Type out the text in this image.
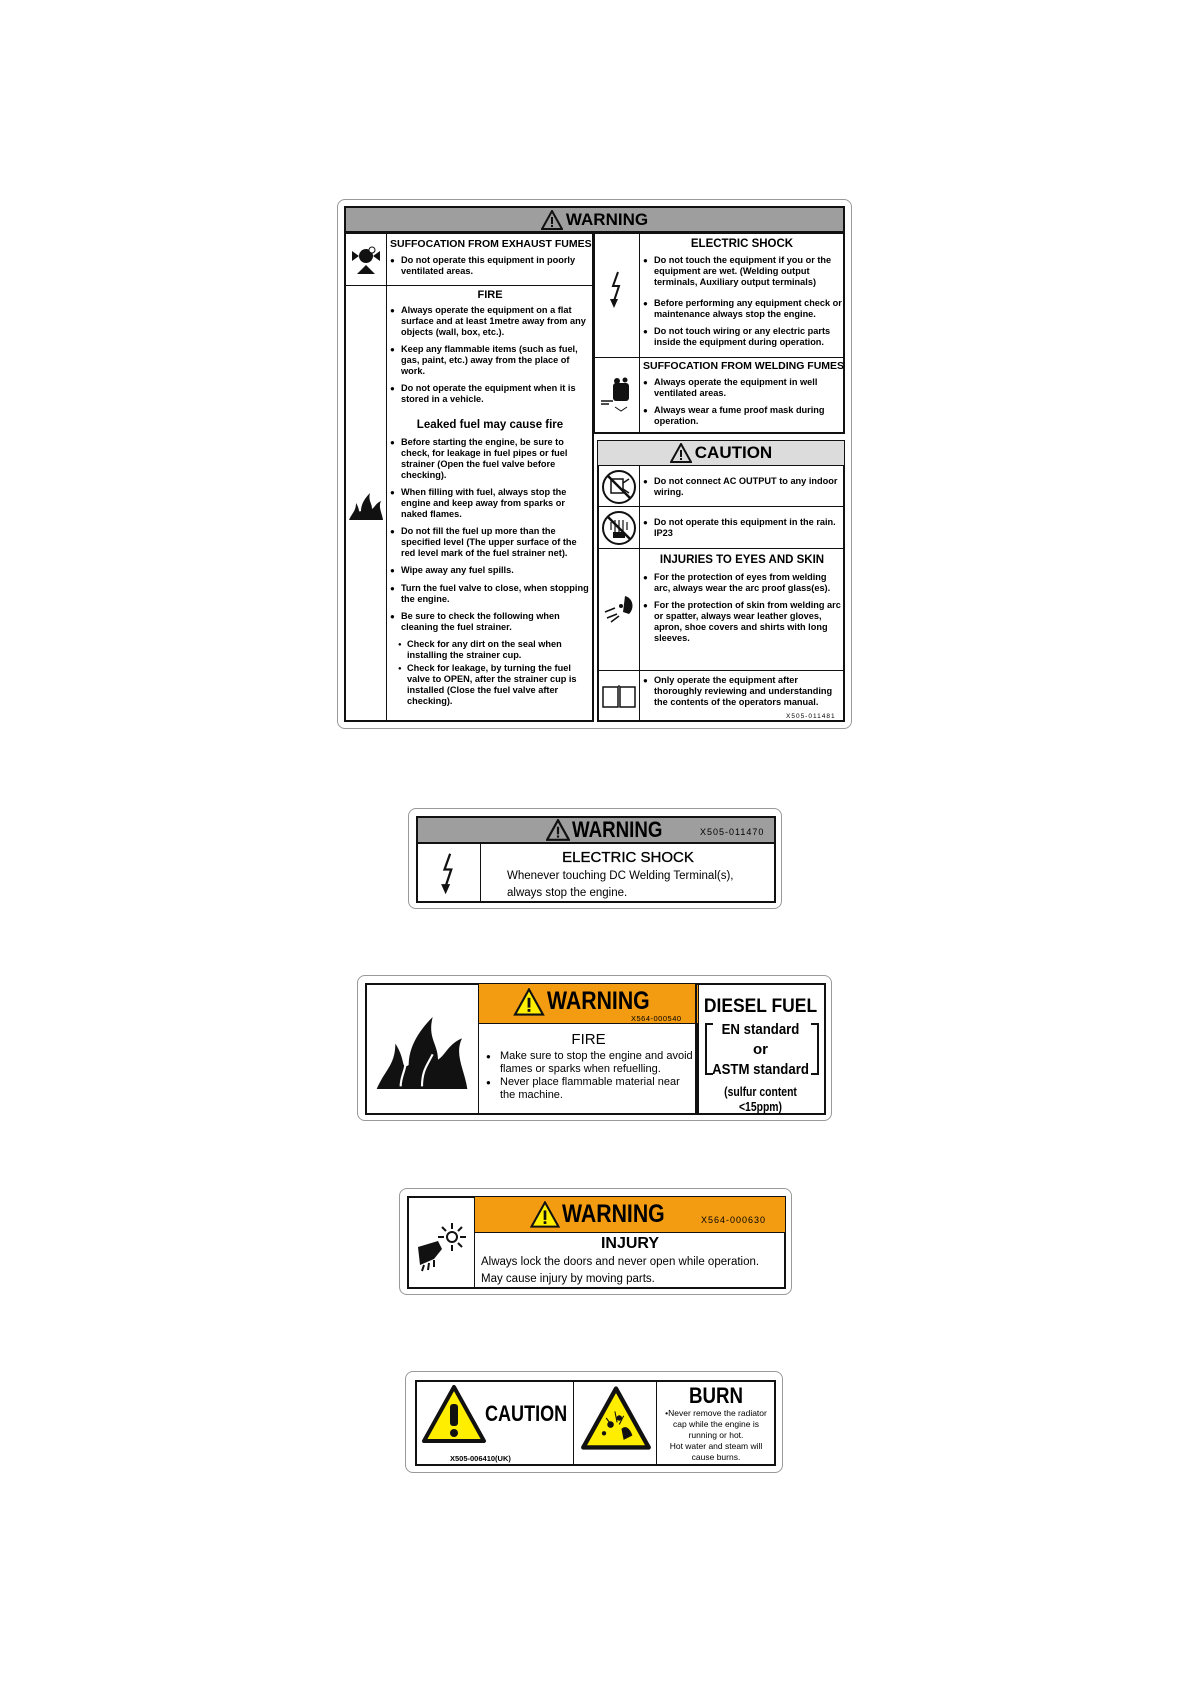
WARNING
SUFFOCATION FROM EXHAUST FUMES
● Do not operate this equipment in poorly ventilated areas.
FIRE
● Always operate the equipment on a flat surface and at least 1metre away from any objects (wall, box, etc.).
● Keep any flammable items (such as fuel, gas, paint, etc.) away from the place of work.
● Do not operate the equipment when it is stored in a vehicle.
Leaked fuel may cause fire
● Before starting the engine, be sure to check, for leakage in fuel pipes or fuel strainer (Open the fuel valve before checking).
● When filling with fuel, always stop the engine and keep away from sparks or naked flames.
● Do not fill the fuel up more than the specified level (The upper surface of the red level mark of the fuel strainer net).
● Wipe away any fuel spills.
● Turn the fuel valve to close, when stopping the engine.
● Be sure to check the following when cleaning the fuel strainer.
● Check for any dirt on the seal when installing the strainer cup.
● Check for leakage, by turning the fuel valve to OPEN, after the strainer cup is installed (Close the fuel valve after checking).
ELECTRIC SHOCK
● Do not touch the equipment if you or the equipment are wet. (Welding output terminals, Auxiliary output terminals)
● Before performing any equipment check or maintenance always stop the engine.
● Do not touch wiring or any electric parts inside the equipment during operation.
SUFFOCATION FROM WELDING FUMES
● Always operate the equipment in well ventilated areas.
● Always wear a fume proof mask during operation.
CAUTION
● Do not connect AC OUTPUT to any indoor wiring.
● Do not operate this equipment in the rain. IP23
INJURIES TO EYES AND SKIN
● For the protection of eyes from welding arc, always wear the arc proof glass(es).
● For the protection of skin from welding arc or spatter, always wear leather gloves, apron, shoe covers and shirts with long sleeves.
● Only operate the equipment after thoroughly reviewing and understanding the contents of the operators manual.
X505-011481
WARNING	X505-011470
ELECTRIC SHOCK
Whenever touching DC Welding Terminal(s),
always stop the engine.
WARNING
X564-000540
FIRE
● Make sure to stop the engine and avoid flames or sparks when refuelling.
● Never place flammable material near the machine.
DIESEL FUEL
EN standard
or
ASTM standard
(sulfur content <15ppm)
WARNING	X564-000630
INJURY
Always lock the doors and never open while operation.
May cause injury by moving parts.
CAUTION
X505-006410(UK)
BURN
•Never remove the radiator
cap while the engine is
running or hot.
Hot water and steam will
cause burns.
